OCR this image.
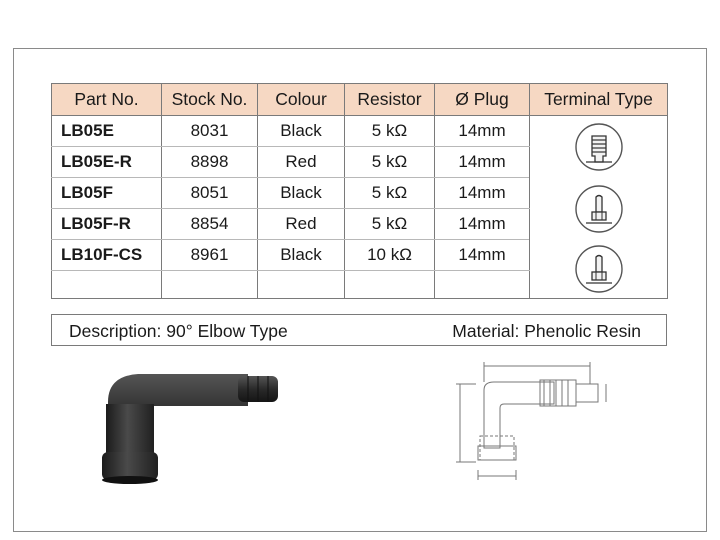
Part No.	Stock No.	Colour	Resistor	Ø Plug	Terminal Type
LB05E	8031	Black	5 kΩ	14mm	

LB05E-R	8898	Red	5 kΩ	14mm	
LB05F	8051	Black	5 kΩ	14mm	

LB05F-R	8854	Red	5 kΩ	14mm	
LB10F-CS	8961	Black	10 kΩ	14mm	

Description: 90° Elbow Type	Material: Phenolic Resin
